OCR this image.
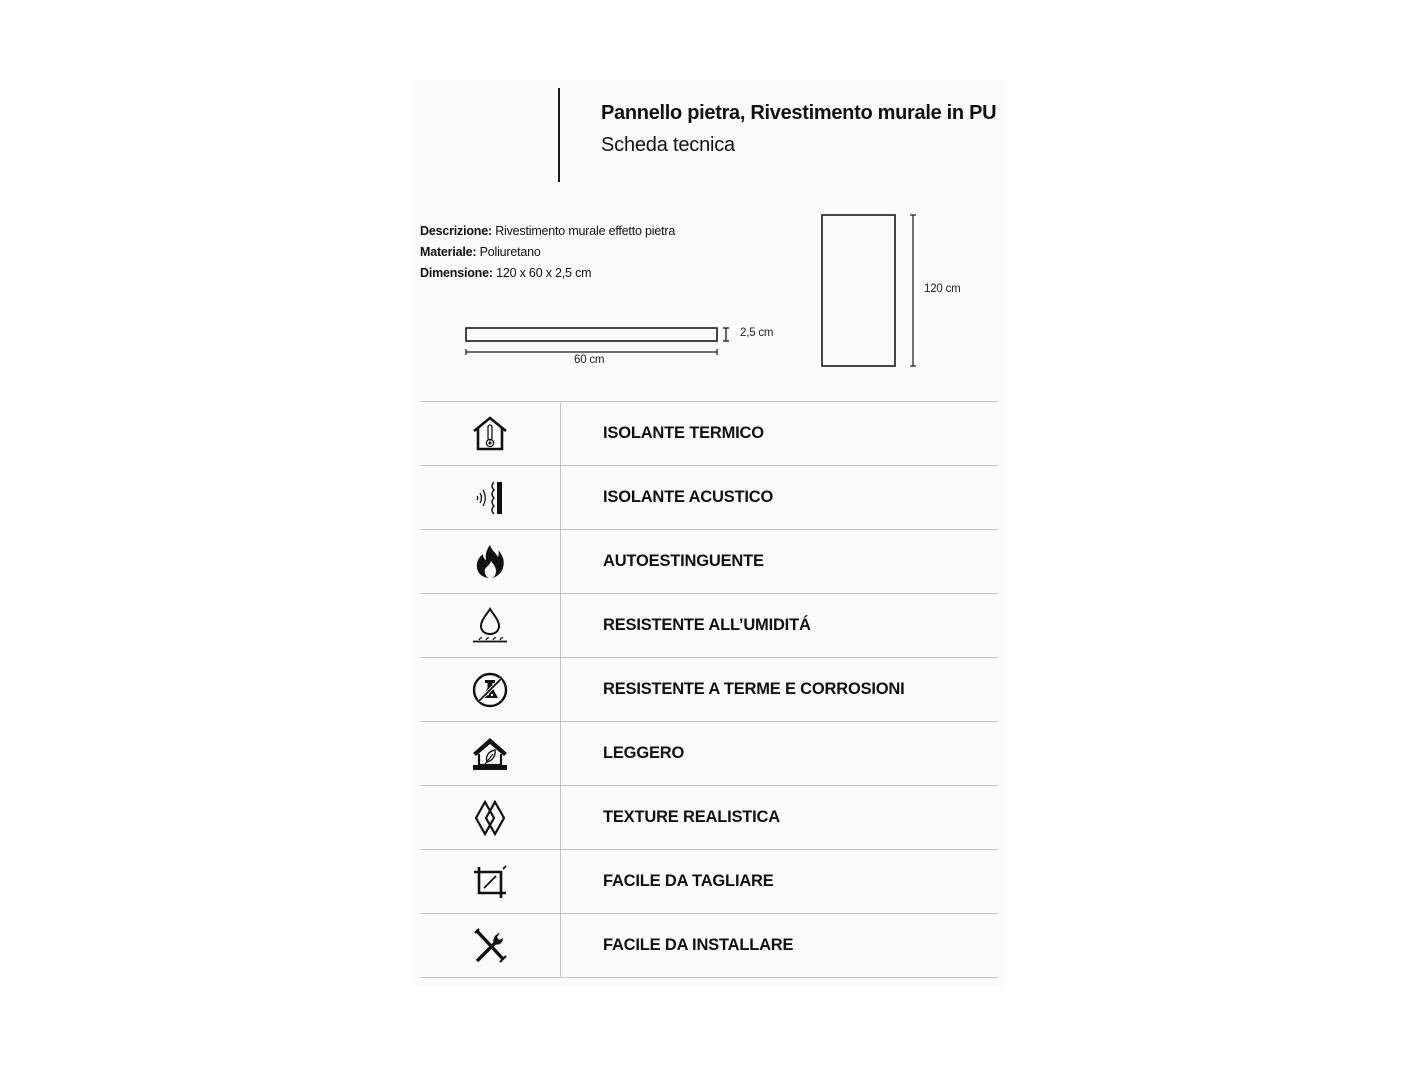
Pannello pietra, Rivestimento murale in PU
Scheda tecnica
Descrizione: Rivestimento murale effetto pietra
Materiale: Poliuretano
Dimensione: 120 x 60 x 2,5 cm
2,5 cm
60 cm
120 cm
ISOLANTE TERMICO
ISOLANTE ACUSTICO
AUTOESTINGUENTE
RESISTENTE ALL’UMIDITÁ
RESISTENTE A TERME E CORROSIONI
LEGGERO
TEXTURE REALISTICA
FACILE DA TAGLIARE
FACILE DA INSTALLARE
